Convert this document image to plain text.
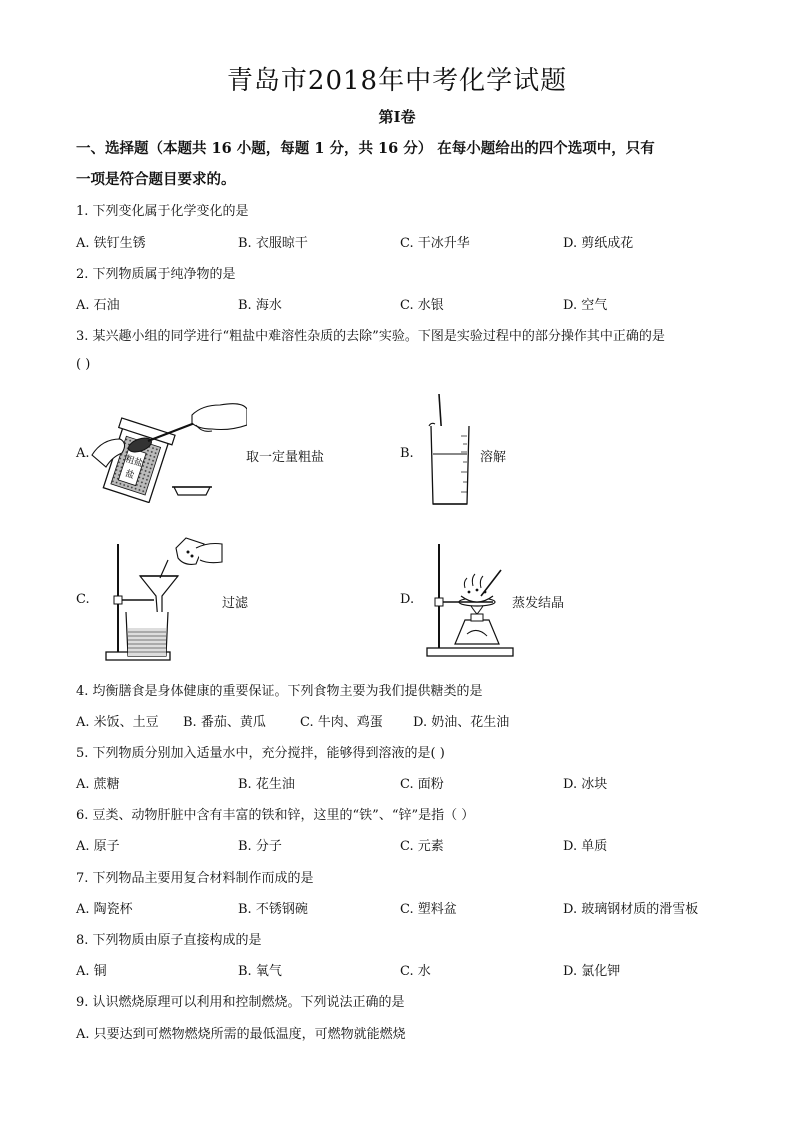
青岛市2018年中考化学试题
第Ⅰ卷
一、选择题（本题共 16 小题，每题 1 分，共 16 分） 在每小题给出的四个选项中，只有
一项是符合题目要求的。
1. 下列变化属于化学变化的是
A. 铁钉生锈	B. 衣服晾干	C. 干冰升华	D. 剪纸成花
2. 下列物质属于纯净物的是
A. 石油	B. 海水	C. 水银	D. 空气
3. 某兴趣小组的同学进行“粗盐中难溶性杂质的去除”实验。下图是实验过程中的部分操作其中正确的是
( )
A.
粗盐
盐
取一定量粗盐	B.	溶解
C.	过滤	D.	蒸发结晶
4. 均衡膳食是身体健康的重要保证。下列食物主要为我们提供糖类的是
A. 米饭、土豆 B. 番茄、黄瓜	C. 牛肉、鸡蛋 D. 奶油、花生油
5. 下列物质分别加入适量水中，充分搅拌，能够得到溶液的是( )
A. 蔗糖	B. 花生油	C. 面粉	D. 冰块
6. 豆类、动物肝脏中含有丰富的铁和锌，这里的“铁”、“锌”是指（ ）
A. 原子	B. 分子	C. 元素	D. 单质
7. 下列物品主要用复合材料制作而成的是
A. 陶瓷杯	B. 不锈钢碗	C. 塑料盆	D. 玻璃钢材质的滑雪板
8. 下列物质由原子直接构成的是
A. 铜	B. 氧气	C. 水	D. 氯化钾
9. 认识燃烧原理可以利用和控制燃烧。下列说法正确的是
A. 只要达到可燃物燃烧所需的最低温度，可燃物就能燃烧
